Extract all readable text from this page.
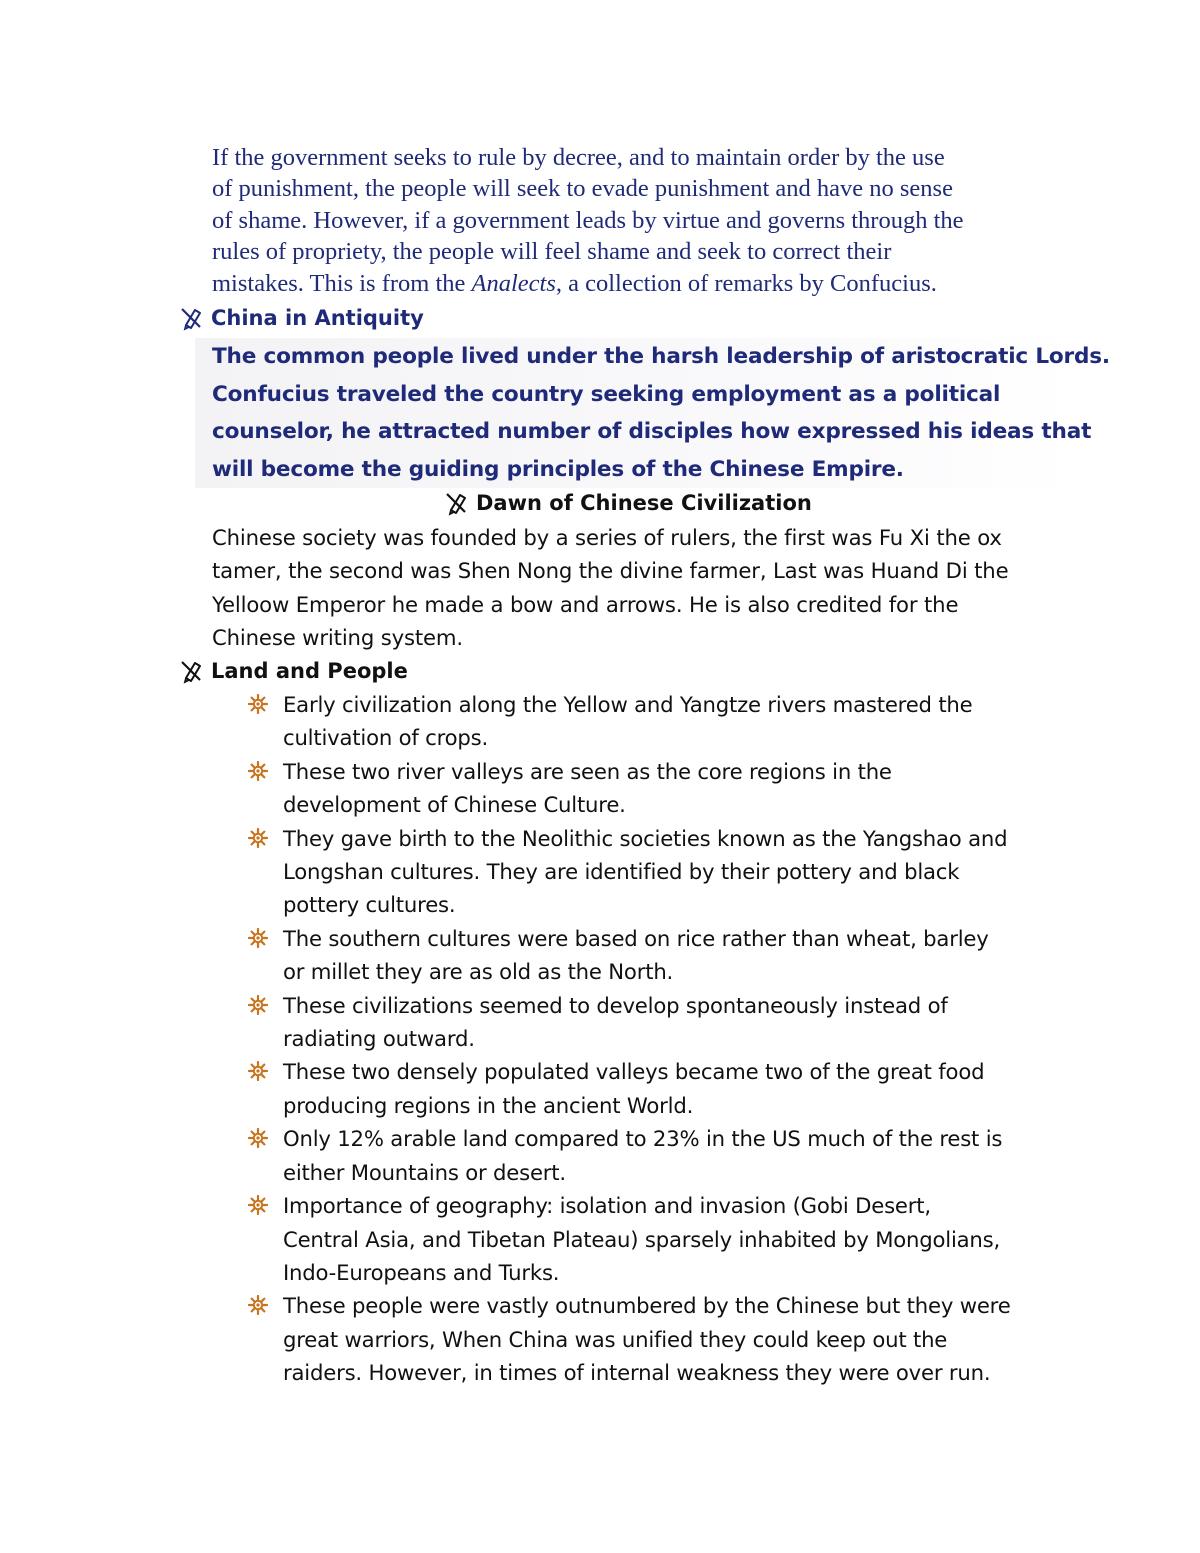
If the government seeks to rule by decree, and to maintain order by the use
of punishment, the people will seek to evade punishment and have no sense
of shame. However, if a government leads by virtue and governs through the
rules of propriety, the people will feel shame and seek to correct their
mistakes. This is from the Analects, a collection of remarks by Confucius.
China in Antiquity
The common people lived under the harsh leadership of aristocratic Lords.
Confucius traveled the country seeking employment as a political
counselor, he attracted number of disciples how expressed his ideas that
will become the guiding principles of the Chinese Empire.
Dawn of Chinese Civilization
Chinese society was founded by a series of rulers, the first was Fu Xi the ox
tamer, the second was Shen Nong the divine farmer, Last was Huand Di the
Yelloow Emperor he made a bow and arrows. He is also credited for the
Chinese writing system.
Land and People
Early civilization along the Yellow and Yangtze rivers mastered the
cultivation of crops.
These two river valleys are seen as the core regions in the
development of Chinese Culture.
They gave birth to the Neolithic societies known as the Yangshao and
Longshan cultures. They are identified by their pottery and black
pottery cultures.
The southern cultures were based on rice rather than wheat, barley
or millet they are as old as the North.
These civilizations seemed to develop spontaneously instead of
radiating outward.
These two densely populated valleys became two of the great food
producing regions in the ancient World.
Only 12% arable land compared to 23% in the US much of the rest is
either Mountains or desert.
Importance of geography: isolation and invasion (Gobi Desert,
Central Asia, and Tibetan Plateau) sparsely inhabited by Mongolians,
Indo-Europeans and Turks.
These people were vastly outnumbered by the Chinese but they were
great warriors, When China was unified they could keep out the
raiders. However, in times of internal weakness they were over run.
